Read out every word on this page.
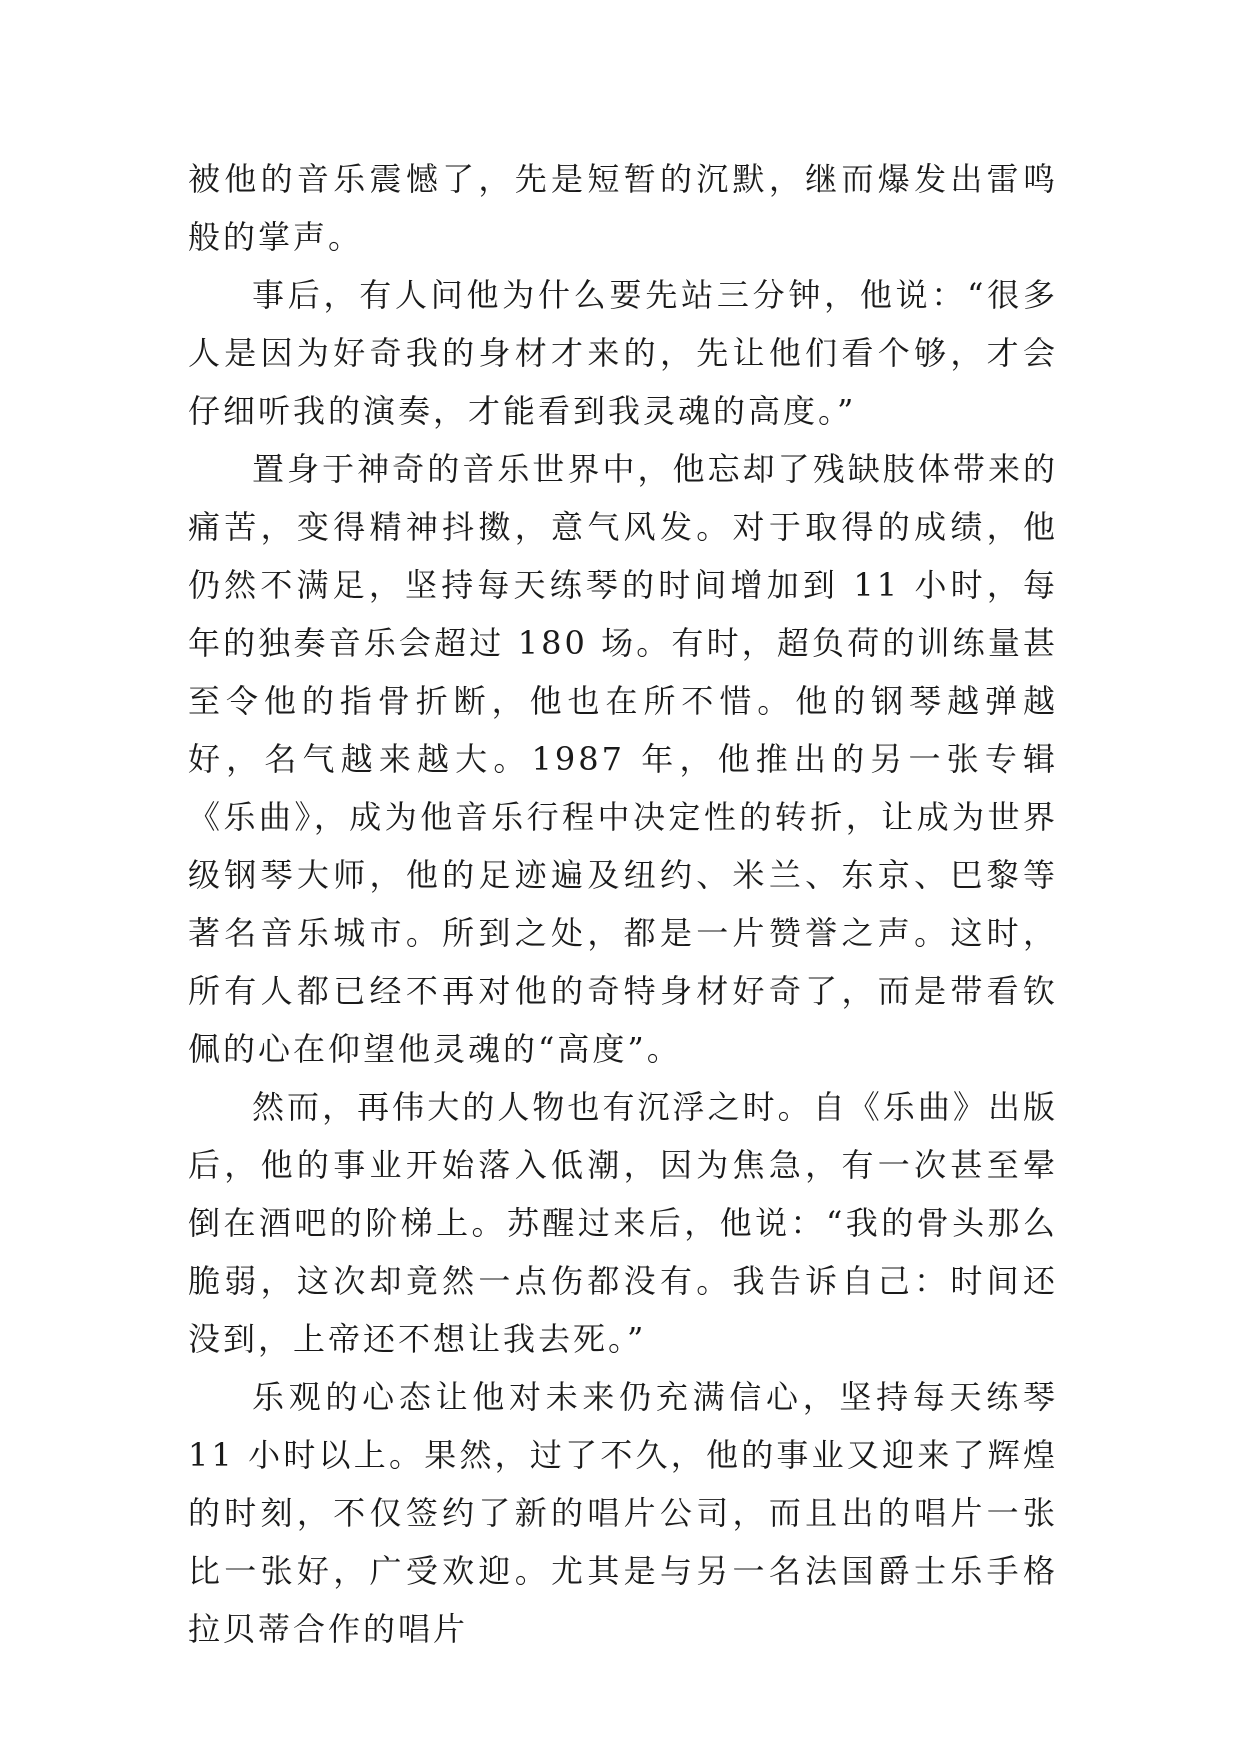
被他的音乐震憾了，先是短暂的沉默，继而爆发出雷鸣般的掌声。

事后，有人问他为什么要先站三分钟，他说：“很多人是因为好奇我的身材才来的，先让他们看个够，才会仔细听我的演奏，才能看到我灵魂的高度。”

置身于神奇的音乐世界中，他忘却了残缺肢体带来的痛苦，变得精神抖擞，意气风发。对于取得的成绩，他仍然不满足，坚持每天练琴的时间增加到 11 小时，每年的独奏音乐会超过 180 场。有时，超负荷的训练量甚至令他的指骨折断，他也在所不惜。他的钢琴越弹越好，名气越来越大。1987 年，他推出的另一张专辑《乐曲》，成为他音乐行程中决定性的转折，让成为世界级钢琴大师，他的足迹遍及纽约、米兰、东京、巴黎等著名音乐城市。所到之处，都是一片赞誉之声。这时，所有人都已经不再对他的奇特身材好奇了，而是带看钦佩的心在仰望他灵魂的“高度”。

然而，再伟大的人物也有沉浮之时。自《乐曲》出版后，他的事业开始落入低潮，因为焦急，有一次甚至晕倒在酒吧的阶梯上。苏醒过来后，他说：“我的骨头那么脆弱，这次却竟然一点伤都没有。我告诉自己：时间还没到，上帝还不想让我去死。”

乐观的心态让他对未来仍充满信心，坚持每天练琴 11 小时以上。果然，过了不久，他的事业又迎来了辉煌的时刻，不仅签约了新的唱片公司，而且出的唱片一张比一张好，广受欢迎。尤其是与另一名法国爵士乐手格拉贝蒂合作的唱片
